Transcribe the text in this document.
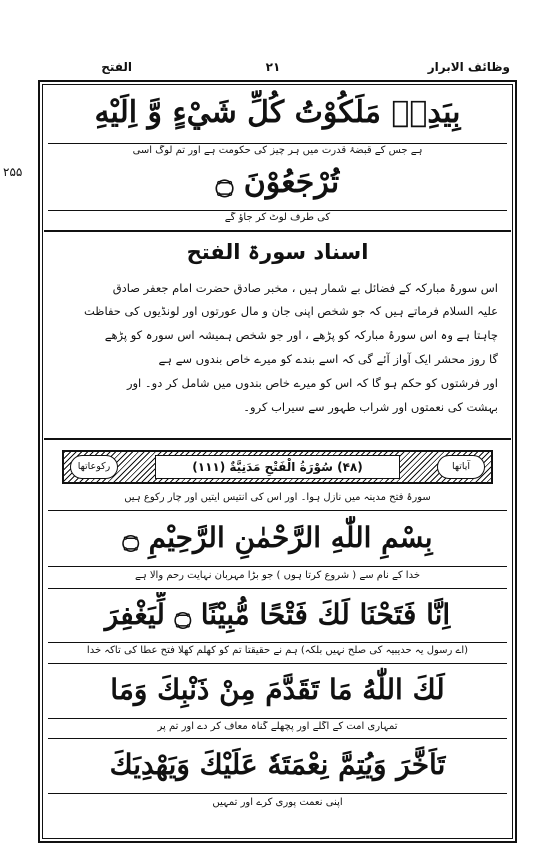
الفتح	۲۱	وظائف الابرار
۲۵۵
بِيَدِهٖ مَلَكُوْتُ كُلِّ شَيْءٍ وَّ اِلَيْهِ
ہے جس کے قبضۂ قدرت میں ہر چیز کی حکومت ہے اور تم لوگ اُسی
تُرْجَعُوْنَ ۝
کی طرف لوٹ کر جاؤ گے
اسناد سورۃ الفتح
اس سورۂ مبارکہ کے فضائل بے شمار ہیں ، مخبر صادق حضرت امام جعفر صادق
علیہ السلام فرماتے ہیں کہ جو شخص اپنی جان و مال عورتوں اور لونڈیوں کی حفاظت
چاہتا ہے وہ اس سورۂ مبارکہ کو پڑھے ، اور جو شخص ہمیشہ اس سورہ کو پڑھے
گا روز محشر ایک آواز آئے گی کہ اسے بندے کو میرے خاص بندوں سے ہے
اور فرشتوں کو حکم ہو گا کہ اس کو میرے خاص بندوں میں شامل کر دو۔ اور
بہشت کی نعمتوں اور شراب طہور سے سیراب کرو۔
(۴۸) سُوْرَةُ الْفَتْحِ مَدَنِيَّةٌ (۱۱۱)
رکوعاتها	آياتها
سورۂ فتح مدینہ میں نازل ہوا۔ اور اس کی انتیس آیتیں اور چار رکوع ہیں
بِسْمِ اللّٰهِ الرَّحْمٰنِ الرَّحِيْمِ ۝
خدا کے نام سے ( شروع کرتا ہوں ) جو بڑا مہربان نہایت رحم والا ہے
اِنَّا فَتَحْنَا لَكَ فَتْحًا مُّبِيْنًا ۝ لِّيَغْفِرَ
(اے رسول یہ حدیبیہ کی صلح نہیں بلکہ) ہم نے حقیقتاً تم کو کھلم کھلا فتح عطا کی تاکہ خدا
لَكَ اللّٰهُ مَا تَقَدَّمَ مِنْ ذَنْبِكَ وَمَا
تمہاری امت کے اگلے اور پچھلے گناہ معاف کر دے اور تم پر
تَاَخَّرَ وَيُتِمَّ نِعْمَتَهٗ عَلَيْكَ وَيَهْدِيَكَ
اپنی نعمت پوری کرے اور تمہیں
